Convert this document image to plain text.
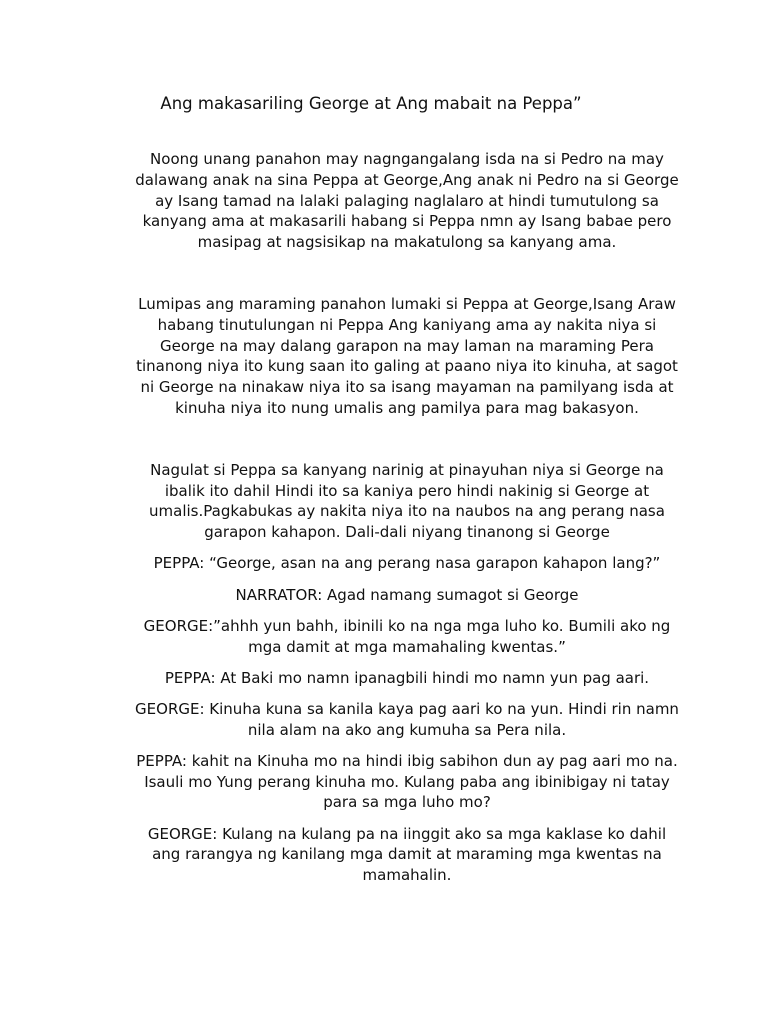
Ang makasariling George at Ang mabait na Peppa”

Noong unang panahon may nagngangalang isda na si Pedro na may dalawang anak na sina Peppa at George,Ang anak ni Pedro na si George ay Isang tamad na lalaki palaging naglalaro at hindi tumutulong sa kanyang ama at makasarili habang si Peppa nmn ay Isang babae pero masipag at nagsisikap na makatulong sa kanyang ama.

Lumipas ang maraming panahon lumaki si Peppa at George,Isang Araw habang tinutulungan ni Peppa Ang kaniyang ama ay nakita niya si George na may dalang garapon na may laman na maraming Pera tinanong niya ito kung saan ito galing at paano niya ito kinuha, at sagot ni George na ninakaw niya ito sa isang mayaman na pamilyang isda at kinuha niya ito nung umalis ang pamilya para mag bakasyon.

Nagulat si Peppa sa kanyang narinig at pinayuhan niya si George na ibalik ito dahil Hindi ito sa kaniya pero hindi nakinig si George at umalis.Pagkabukas ay nakita niya ito na naubos na ang perang nasa garapon kahapon. Dali-dali niyang tinanong si George

PEPPA: “George, asan na ang perang nasa garapon kahapon lang?”

NARRATOR: Agad namang sumagot si George

GEORGE:”ahhh yun bahh, ibinili ko na nga mga luho ko. Bumili ako ng mga damit at mga mamahaling kwentas.”

PEPPA: At Baki mo namn ipanagbili hindi mo namn yun pag aari.

GEORGE: Kinuha kuna sa kanila kaya pag aari ko na yun. Hindi rin namn nila alam na ako ang kumuha sa Pera nila.

PEPPA: kahit na Kinuha mo na hindi ibig sabihon dun ay pag aari mo na. Isauli mo Yung perang kinuha mo. Kulang paba ang ibinibigay ni tatay para sa mga luho mo?

GEORGE: Kulang na kulang pa na iinggit ako sa mga kaklase ko dahil ang rarangya ng kanilang mga damit at maraming mga kwentas na mamahalin.
